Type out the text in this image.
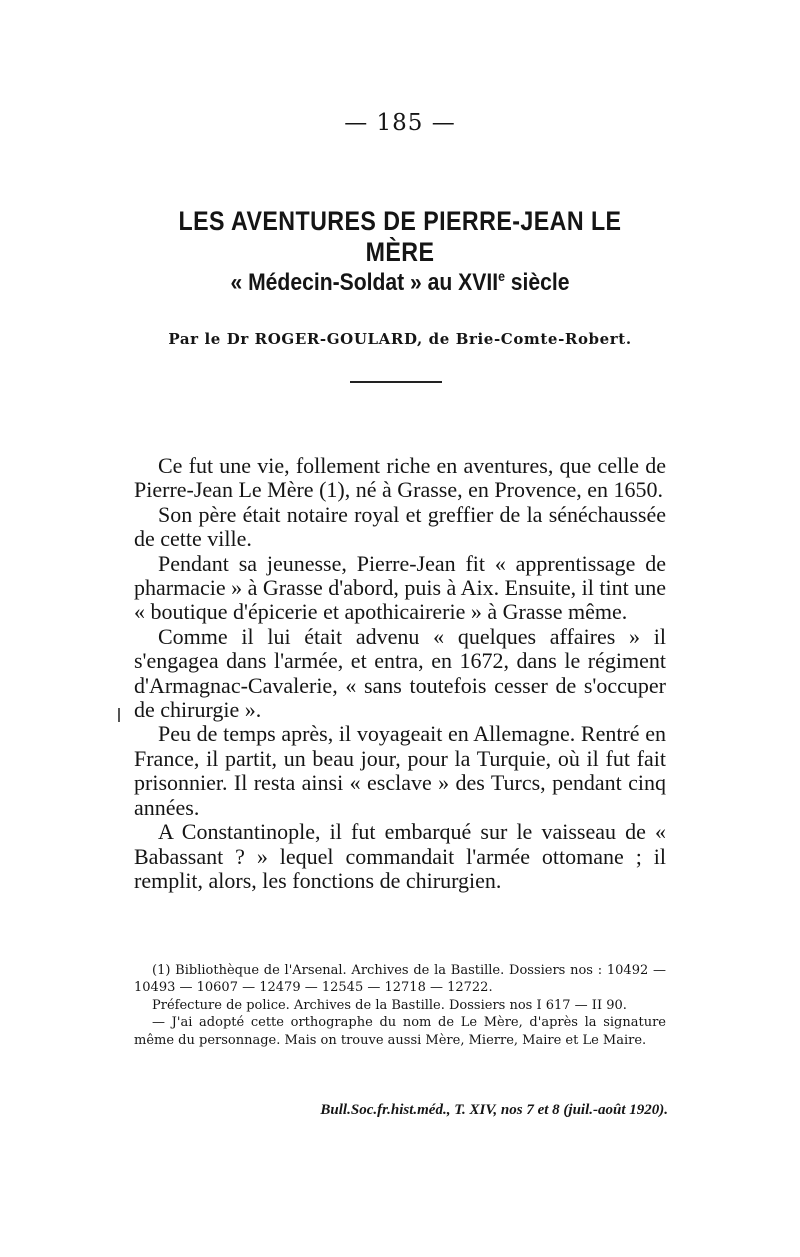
— 185 —
LES AVENTURES DE PIERRE-JEAN LE MÈRE
« Médecin-Soldat » au XVIIe siècle
Par le Dr ROGER-GOULARD, de Brie-Comte-Robert.

Ce fut une vie, follement riche en aventures, que celle de Pierre-Jean Le Mère (1), né à Grasse, en Provence, en 1650.

Son père était notaire royal et greffier de la sénéchaussée de cette ville.

Pendant sa jeunesse, Pierre-Jean fit « apprentissage de pharmacie » à Grasse d'abord, puis à Aix. Ensuite, il tint une « boutique d'épicerie et apothicairerie » à Grasse même.

Comme il lui était advenu « quelques affaires » il s'engagea dans l'armée, et entra, en 1672, dans le régiment d'Armagnac-Cavalerie, « sans toutefois cesser de s'occuper de chirurgie ».

Peu de temps après, il voyageait en Allemagne. Rentré en France, il partit, un beau jour, pour la Turquie, où il fut fait prisonnier. Il resta ainsi « esclave » des Turcs, pendant cinq années.

A Constantinople, il fut embarqué sur le vaisseau de « Babassant ? » lequel commandait l'armée ottomane ; il remplit, alors, les fonctions de chirurgien.

(1) Bibliothèque de l'Arsenal. Archives de la Bastille. Dossiers nos : 10492 — 10493 — 10607 — 12479 — 12545 — 12718 — 12722.

Préfecture de police. Archives de la Bastille. Dossiers nos I 617 — II 90.

— J'ai adopté cette orthographe du nom de Le Mère, d'après la signature même du personnage. Mais on trouve aussi Mère, Mierre, Maire et Le Maire.

Bull.Soc.fr.hist.méd., T. XIV, nos 7 et 8 (juil.-août 1920).
